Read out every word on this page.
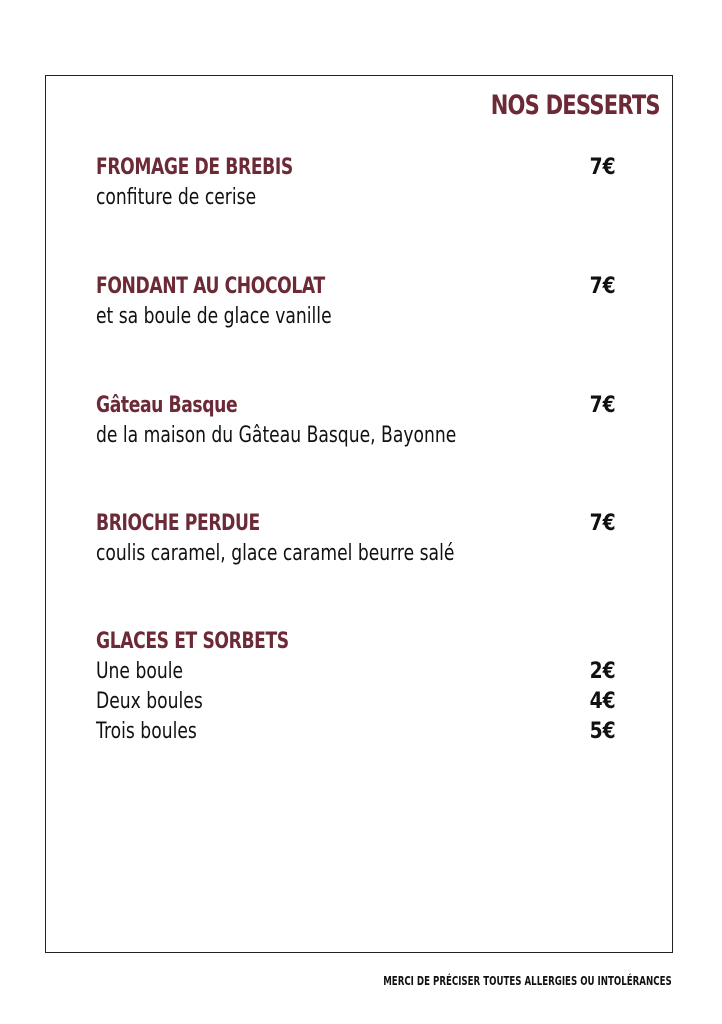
NOS DESSERTS
FROMAGE DE BREBIS	7€
confiture de cerise
FONDANT AU CHOCOLAT	7€
et sa boule de glace vanille
Gâteau Basque	7€
de la maison du Gâteau Basque, Bayonne
BRIOCHE PERDUE	7€
coulis caramel, glace caramel beurre salé
GLACES ET SORBETS
Une boule	2€
Deux boules	4€
Trois boules	5€
MERCI DE PRÉCISER TOUTES ALLERGIES OU INTOLÉRANCES
